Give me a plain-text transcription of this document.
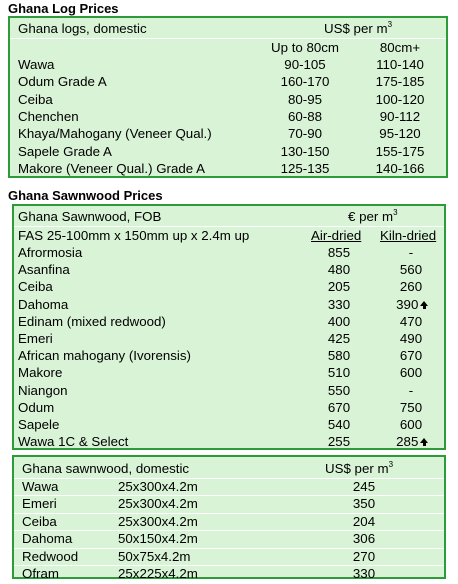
Ghana Log Prices
Ghana logs, domestic	US$ per $m^3$
Up to 80cm	80cm+
Wawa	90-105	110-140
Odum Grade A	160-170	175-185
Ceiba	80-95	100-120
Chenchen	60-88	90-112
Khaya/Mahogany (Veneer Qual.)	70-90	95-120
Sapele Grade A	130-150	155-175
Makore (Veneer Qual.) Grade A	125-135	140-166
Ghana Sawnwood Prices
Ghana Sawnwood, FOB	€ per $m^3$
FAS 25-100mm x 150mm up x 2.4m up	Air-dried Kiln-dried
Afrormosia	855	-
Asanfina	480	560
Ceiba	205	260
Dahoma	330	390
Edinam (mixed redwood)	400	470
Emeri	425	490
African mahogany (Ivorensis)	580	670
Makore	510	600
Niangon	550	-
Odum	670	750
Sapele	540	600
Wawa 1C & Select	255	285
Ghana sawnwood, domestic	US$ per $m^3$
Wawa	25x300x4.2m	245
Emeri	25x300x4.2m	350
Ceiba	25x300x4.2m	204
Dahoma	50x150x4.2m	306
Redwood	50x75x4.2m	270
Ofram	25x225x4.2m	330
